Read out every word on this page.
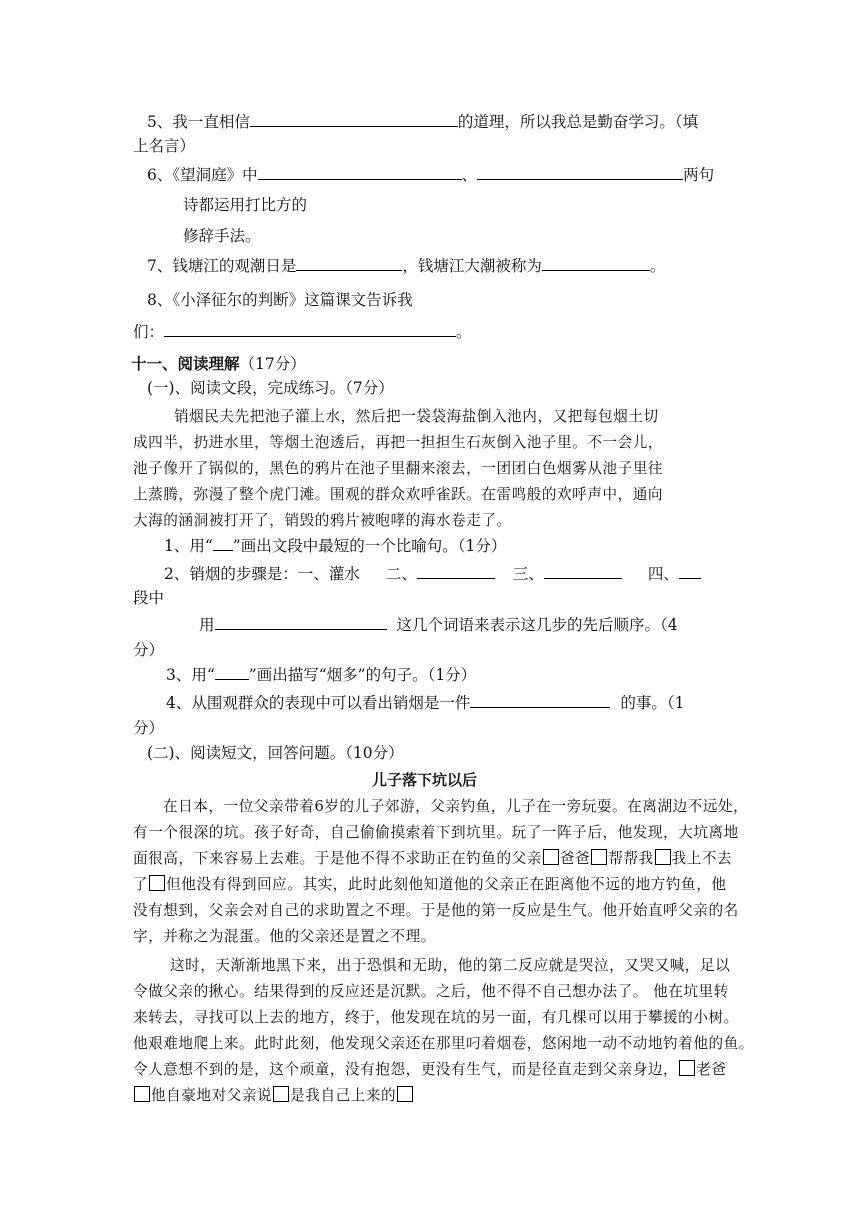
5、我一直相信	的道理，所以我总是勤奋学习。（填
上名言）
6、《望洞庭》中	、	两句
诗都运用打比方的
修辞手法。
7、钱塘江的观潮日是	，钱塘江大潮被称为	。
8、《小泽征尔的判断》这篇课文告诉我
们：	。
十一、阅读理解（17分）
(一)、阅读文段，完成练习。（7分）
销烟民夫先把池子灌上水，然后把一袋袋海盐倒入池内，又把每包烟土切
成四半，扔进水里，等烟土泡透后，再把一担担生石灰倒入池子里。不一会儿，
池子像开了锅似的，黑色的鸦片在池子里翻来滚去，一团团白色烟雾从池子里往
上蒸腾，弥漫了整个虎门滩。围观的群众欢呼雀跃。在雷鸣般的欢呼声中，通向
大海的涵洞被打开了，销毁的鸦片被咆哮的海水卷走了。
1、用“ ”画出文段中最短的一个比喻句。（1分）
2、销烟的步骤是：一、灌水 二、	三、	四、
段中
用	这几个词语来表示这几步的先后顺序。（4
分）
3、用“ ”画出描写“烟多”的句子。（1分）
4、从围观群众的表现中可以看出销烟是一件	的事。（1
分）
(二)、阅读短文，回答问题。（10分）
儿子落下坑以后
在日本，一位父亲带着6岁的儿子郊游，父亲钓鱼，儿子在一旁玩耍。在离湖边不远处，
有一个很深的坑。孩子好奇，自己偷偷摸索着下到坑里。玩了一阵子后，他发现，大坑离地
面很高，下来容易上去难。于是他不得不求助正在钓鱼的父亲 爸爸 帮帮我 我上不去
了 但他没有得到回应。其实，此时此刻他知道他的父亲正在距离他不远的地方钓鱼，他
没有想到，父亲会对自己的求助置之不理。于是他的第一反应是生气。他开始直呼父亲的名
字，并称之为混蛋。他的父亲还是置之不理。
这时，天渐渐地黑下来，出于恐惧和无助，他的第二反应就是哭泣，又哭又喊，足以
令做父亲的揪心。结果得到的反应还是沉默。之后，他不得不自己想办法了。 他在坑里转
来转去，寻找可以上去的地方，终于，他发现在坑的另一面，有几棵可以用于攀援的小树。
他艰难地爬上来。此时此刻，他发现父亲还在那里叼着烟卷，悠闲地一动不动地钓着他的鱼。
令人意想不到的是，这个顽童，没有抱怨，更没有生气，而是径直走到父亲身边， 老爸
他自豪地对父亲说 是我自己上来的
